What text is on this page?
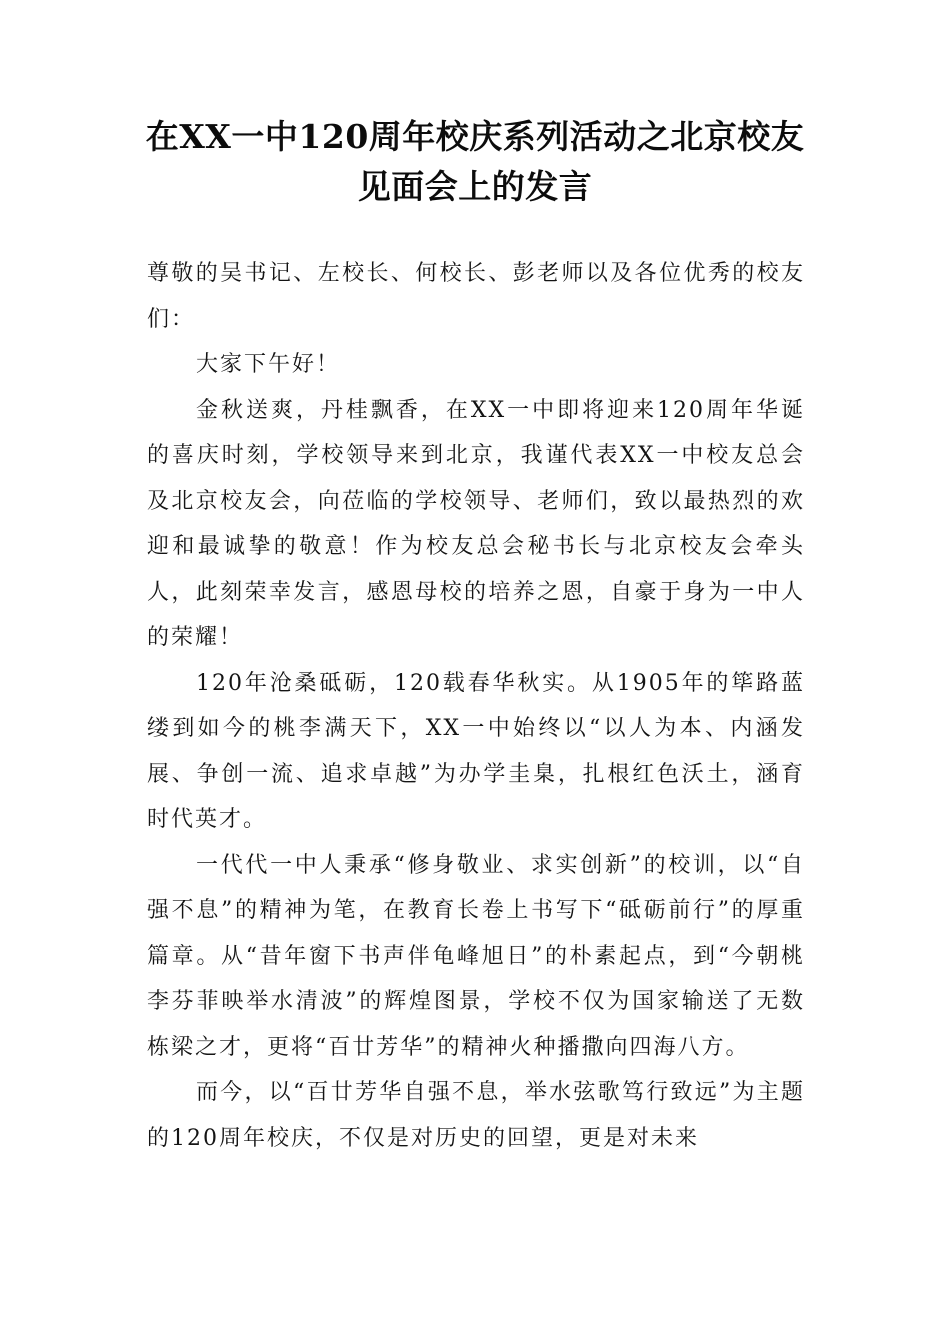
在XX一中120周年校庆系列活动之北京校友见面会上的发言

尊敬的吴书记、左校长、何校长、彭老师以及各位优秀的校友们：

大家下午好！

金秋送爽，丹桂飘香，在XX一中即将迎来120周年华诞的喜庆时刻，学校领导来到北京，我谨代表XX一中校友总会及北京校友会，向莅临的学校领导、老师们，致以最热烈的欢迎和最诚挚的敬意！作为校友总会秘书长与北京校友会牵头人，此刻荣幸发言，感恩母校的培养之恩，自豪于身为一中人的荣耀！

120年沧桑砥砺，120载春华秋实。从1905年的筚路蓝缕到如今的桃李满天下，XX一中始终以“以人为本、内涵发展、争创一流、追求卓越”为办学圭臬，扎根红色沃土，涵育时代英才。

一代代一中人秉承“修身敬业、求实创新”的校训，以“自强不息”的精神为笔，在教育长卷上书写下“砥砺前行”的厚重篇章。从“昔年窗下书声伴龟峰旭日”的朴素起点，到“今朝桃李芬菲映举水清波”的辉煌图景，学校不仅为国家输送了无数栋梁之才，更将“百廿芳华”的精神火种播撒向四海八方。

而今，以“百廿芳华自强不息，举水弦歌笃行致远”为主题的120周年校庆，不仅是对历史的回望，更是对未来
